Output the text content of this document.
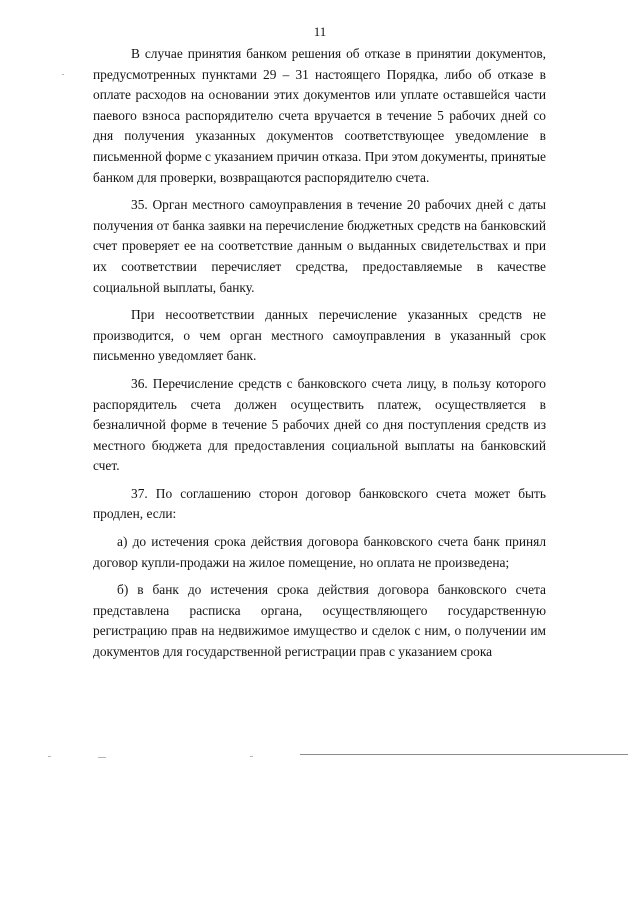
11

В случае принятия банком решения об отказе в принятии документов, предусмотренных пунктами 29 – 31 настоящего Порядка, либо об отказе в оплате расходов на основании этих документов или уплате оставшейся части паевого взноса распорядителю счета вручается в течение 5 рабочих дней со дня получения указанных документов соответствующее уведомление в письменной форме с указанием причин отказа. При этом документы, принятые банком для проверки, возвращаются распорядителю счета.

35. Орган местного самоуправления в течение 20 рабочих дней с даты получения от банка заявки на перечисление бюджетных средств на банковский счет проверяет ее на соответствие данным о выданных свидетельствах и при их соответствии перечисляет средства, предоставляемые в качестве социальной выплаты, банку.

При несоответствии данных перечисление указанных средств не производится, о чем орган местного самоуправления в указанный срок письменно уведомляет банк.

36. Перечисление средств с банковского счета лицу, в пользу которого распорядитель счета должен осуществить платеж, осуществляется в безналичной форме в течение 5 рабочих дней со дня поступления средств из местного бюджета для предоставления социальной выплаты на банковский счет.

37. По соглашению сторон договор банковского счета может быть продлен, если:

а) до истечения срока действия договора банковского счета банк принял договор купли-продажи на жилое помещение, но оплата не произведена;

б) в банк до истечения срока действия договора банковского счета представлена расписка органа, осуществляющего государственную регистрацию прав на недвижимое имущество и сделок с ним, о получении им документов для государственной регистрации прав с указанием срока
